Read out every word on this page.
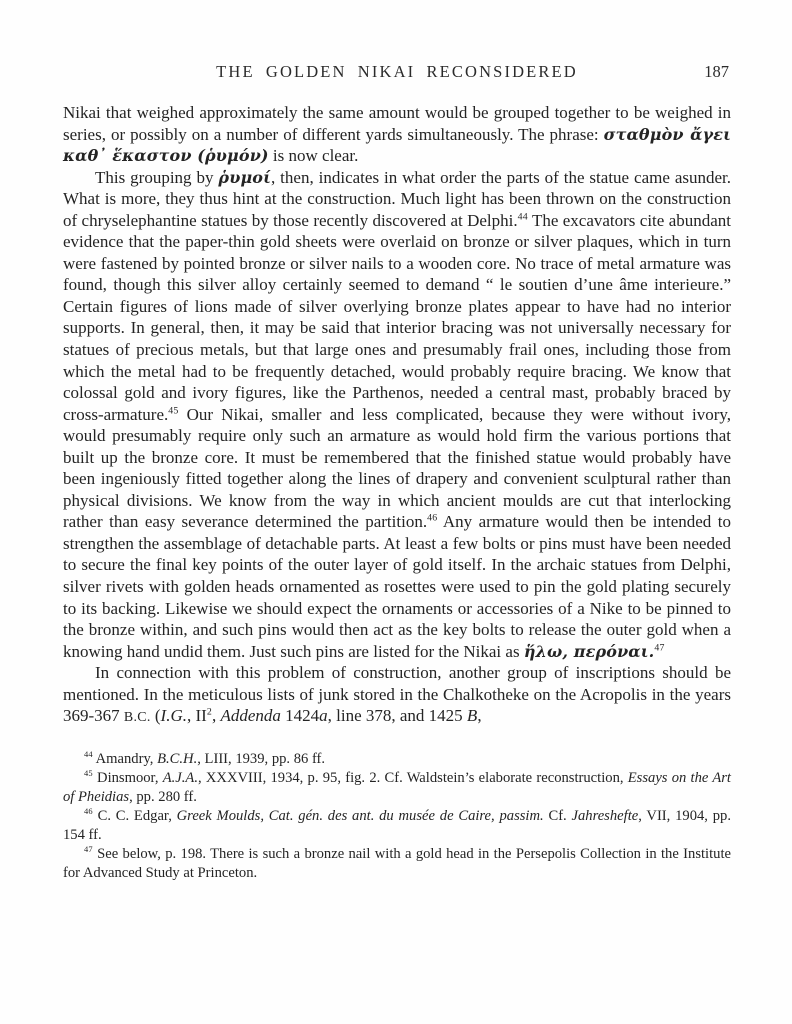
THE GOLDEN NIKAI RECONSIDERED	187

Nikai that weighed approximately the same amount would be grouped together to be weighed in series, or possibly on a number of different yards simultaneously. The phrase: σταθμὸν ἄγει καθ᾽ ἕκαστον (ῥυμόν) is now clear.

This grouping by ῥυμοί, then, indicates in what order the parts of the statue came asunder. What is more, they thus hint at the construction. Much light has been thrown on the construction of chryselephantine statues by those recently discovered at Delphi.$^{44}$ The excavators cite abundant evidence that the paper-thin gold sheets were overlaid on bronze or silver plaques, which in turn were fastened by pointed bronze or silver nails to a wooden core. No trace of metal armature was found, though this silver alloy certainly seemed to demand “ le soutien d’une âme interieure.” Certain figures of lions made of silver overlying bronze plates appear to have had no interior supports. In general, then, it may be said that interior bracing was not universally necessary for statues of precious metals, but that large ones and presumably frail ones, including those from which the metal had to be frequently detached, would probably require bracing. We know that colossal gold and ivory figures, like the Parthenos, needed a central mast, probably braced by cross-armature.$^{45}$ Our Nikai, smaller and less complicated, because they were without ivory, would presumably require only such an armature as would hold firm the various portions that built up the bronze core. It must be remembered that the finished statue would probably have been ingeniously fitted together along the lines of drapery and convenient sculptural rather than physical divisions. We know from the way in which ancient moulds are cut that interlocking rather than easy severance determined the partition.$^{46}$ Any armature would then be intended to strengthen the assemblage of detachable parts. At least a few bolts or pins must have been needed to secure the final key points of the outer layer of gold itself. In the archaic statues from Delphi, silver rivets with golden heads ornamented as rosettes were used to pin the gold plating securely to its backing. Likewise we should expect the ornaments or accessories of a Nike to be pinned to the bronze within, and such pins would then act as the key bolts to release the outer gold when a knowing hand undid them. Just such pins are listed for the Nikai as ἥλω, περόναι.$^{47}$

In connection with this problem of construction, another group of inscriptions should be mentioned. In the meticulous lists of junk stored in the Chalkotheke on the Acropolis in the years 369-367 B.C. (I.G., $II^2$, Addenda 1424a, line 378, and 1425 B,

$^{44}$ Amandry, B.C.H., LIII, 1939, pp. 86 ff.

$^{45}$ Dinsmoor, A.J.A., XXXVIII, 1934, p. 95, fig. 2. Cf. Waldstein’s elaborate reconstruction, Essays on the Art of Pheidias, pp. 280 ff.

$^{46}$ C. C. Edgar, Greek Moulds, Cat. gén. des ant. du musée de Caire, passim. Cf. Jahreshefte, VII, 1904, pp. 154 ff.

$^{47}$ See below, p. 198. There is such a bronze nail with a gold head in the Persepolis Collection in the Institute for Advanced Study at Princeton.
